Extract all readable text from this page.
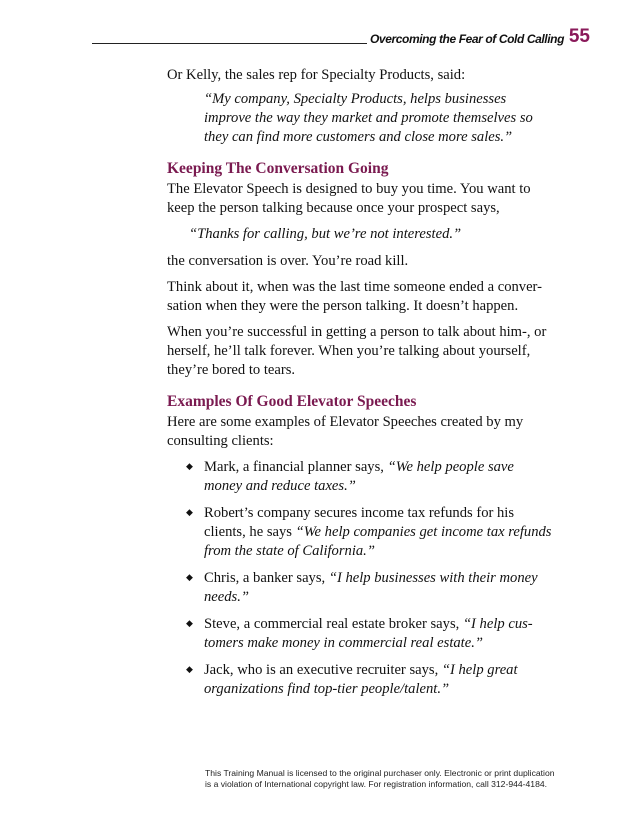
Overcoming the Fear of Cold Calling 55

Or Kelly, the sales rep for Specialty Products, said:

“My company, Specialty Products, helps businesses improve the way they market and promote themselves so they can find more customers and close more sales.”

Keeping The Conversation Going

The Elevator Speech is designed to buy you time. You want to keep the person talking because once your prospect says,

“Thanks for calling, but we’re not interested.”

the conversation is over. You’re road kill.

Think about it, when was the last time someone ended a conver-sation when they were the person talking. It doesn’t happen.

When you’re successful in getting a person to talk about him-, or herself, he’ll talk forever. When you’re talking about yourself, they’re bored to tears.

Examples Of Good Elevator Speeches

Here are some examples of Elevator Speeches created by my consulting clients:

◆ Mark, a financial planner says, “We help people save money and reduce taxes.”
◆ Robert’s company secures income tax refunds for his clients, he says “We help companies get income tax refunds from the state of California.”
◆ Chris, a banker says, “I help businesses with their money needs.”
◆ Steve, a commercial real estate broker says, “I help cus-tomers make money in commercial real estate.”
◆ Jack, who is an executive recruiter says, “I help great organizations find top-tier people/talent.”
This Training Manual is licensed to the original purchaser only. Electronic or print duplication
is a violation of International copyright law. For registration information, call 312-944-4184.
